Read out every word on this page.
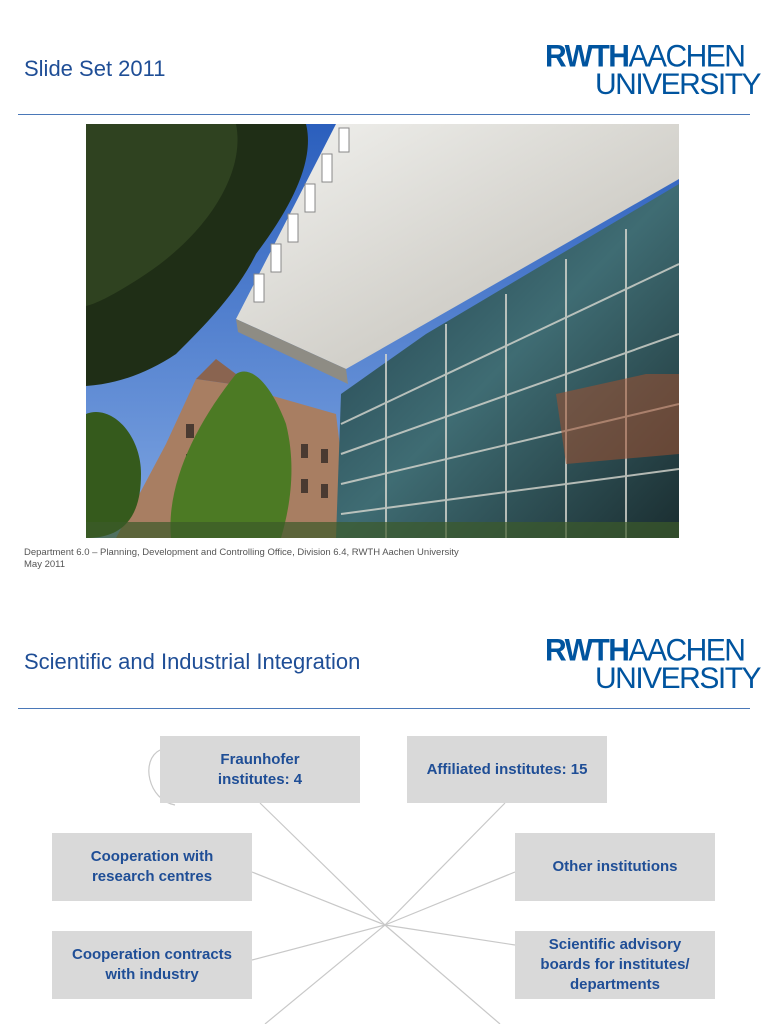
Slide Set 2011	RWTHAACHEN
UNIVERSITY
Department 6.0 – Planning, Development and Controlling Office, Division 6.4, RWTH Aachen University
May 2011
Scientific and Industrial Integration	RWTHAACHEN
UNIVERSITY
Fraunhofer
institutes: 4
Affiliated institutes: 15
Cooperation with
research centres
Other institutions
Cooperation contracts
with industry
Scientific advisory
boards for institutes/
departments
